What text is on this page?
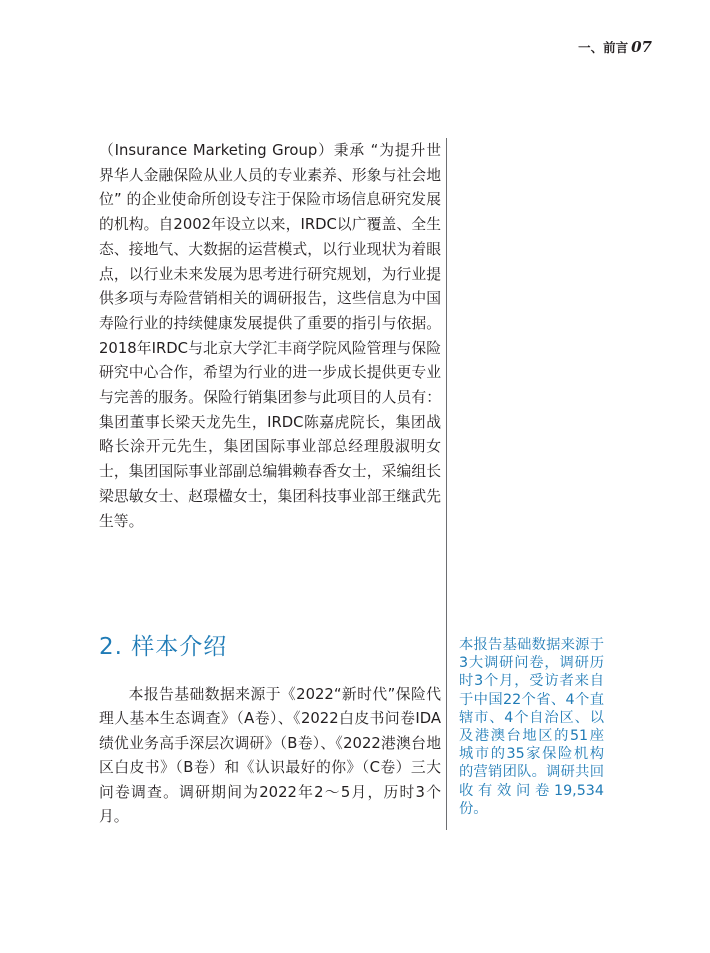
一、前言 07

（Insurance Marketing Group）秉承 “为提升世界华人金融保险从业人员的专业素养、形象与社会地位” 的企业使命所创设专注于保险市场信息研究发展的机构。自2002年设立以来，IRDC以广覆盖、全生态、接地气、大数据的运营模式，以行业现状为着眼点，以行业未来发展为思考进行研究规划，为行业提供多项与寿险营销相关的调研报告，这些信息为中国寿险行业的持续健康发展提供了重要的指引与依据。2018年IRDC与北京大学汇丰商学院风险管理与保险研究中心合作，希望为行业的进一步成长提供更专业与完善的服务。保险行销集团参与此项目的人员有：集团董事长梁天龙先生，IRDC陈嘉虎院长，集团战略长涂开元先生，集团国际事业部总经理殷淑明女士，集团国际事业部副总编辑赖春香女士，采编组长梁思敏女士、赵璟楹女士，集团科技事业部王继武先生等。

2. 样本介绍

本报告基础数据来源于《2022“新时代”保险代理人基本生态调查》（A卷）、《2022白皮书问卷IDA绩优业务高手深层次调研》（B卷）、《2022港澳台地区白皮书》（B卷）和《认识最好的你》（C卷）三大问卷调查。调研期间为2022年2～5月，历时3个月。

本报告基础数据来源于3大调研问卷，调研历时3个月，受访者来自于中国22个省、4个直辖市、4个自治区、以及港澳台地区的51座城市的35家保险机构的营销团队。调研共回收有效问卷19,534份。
